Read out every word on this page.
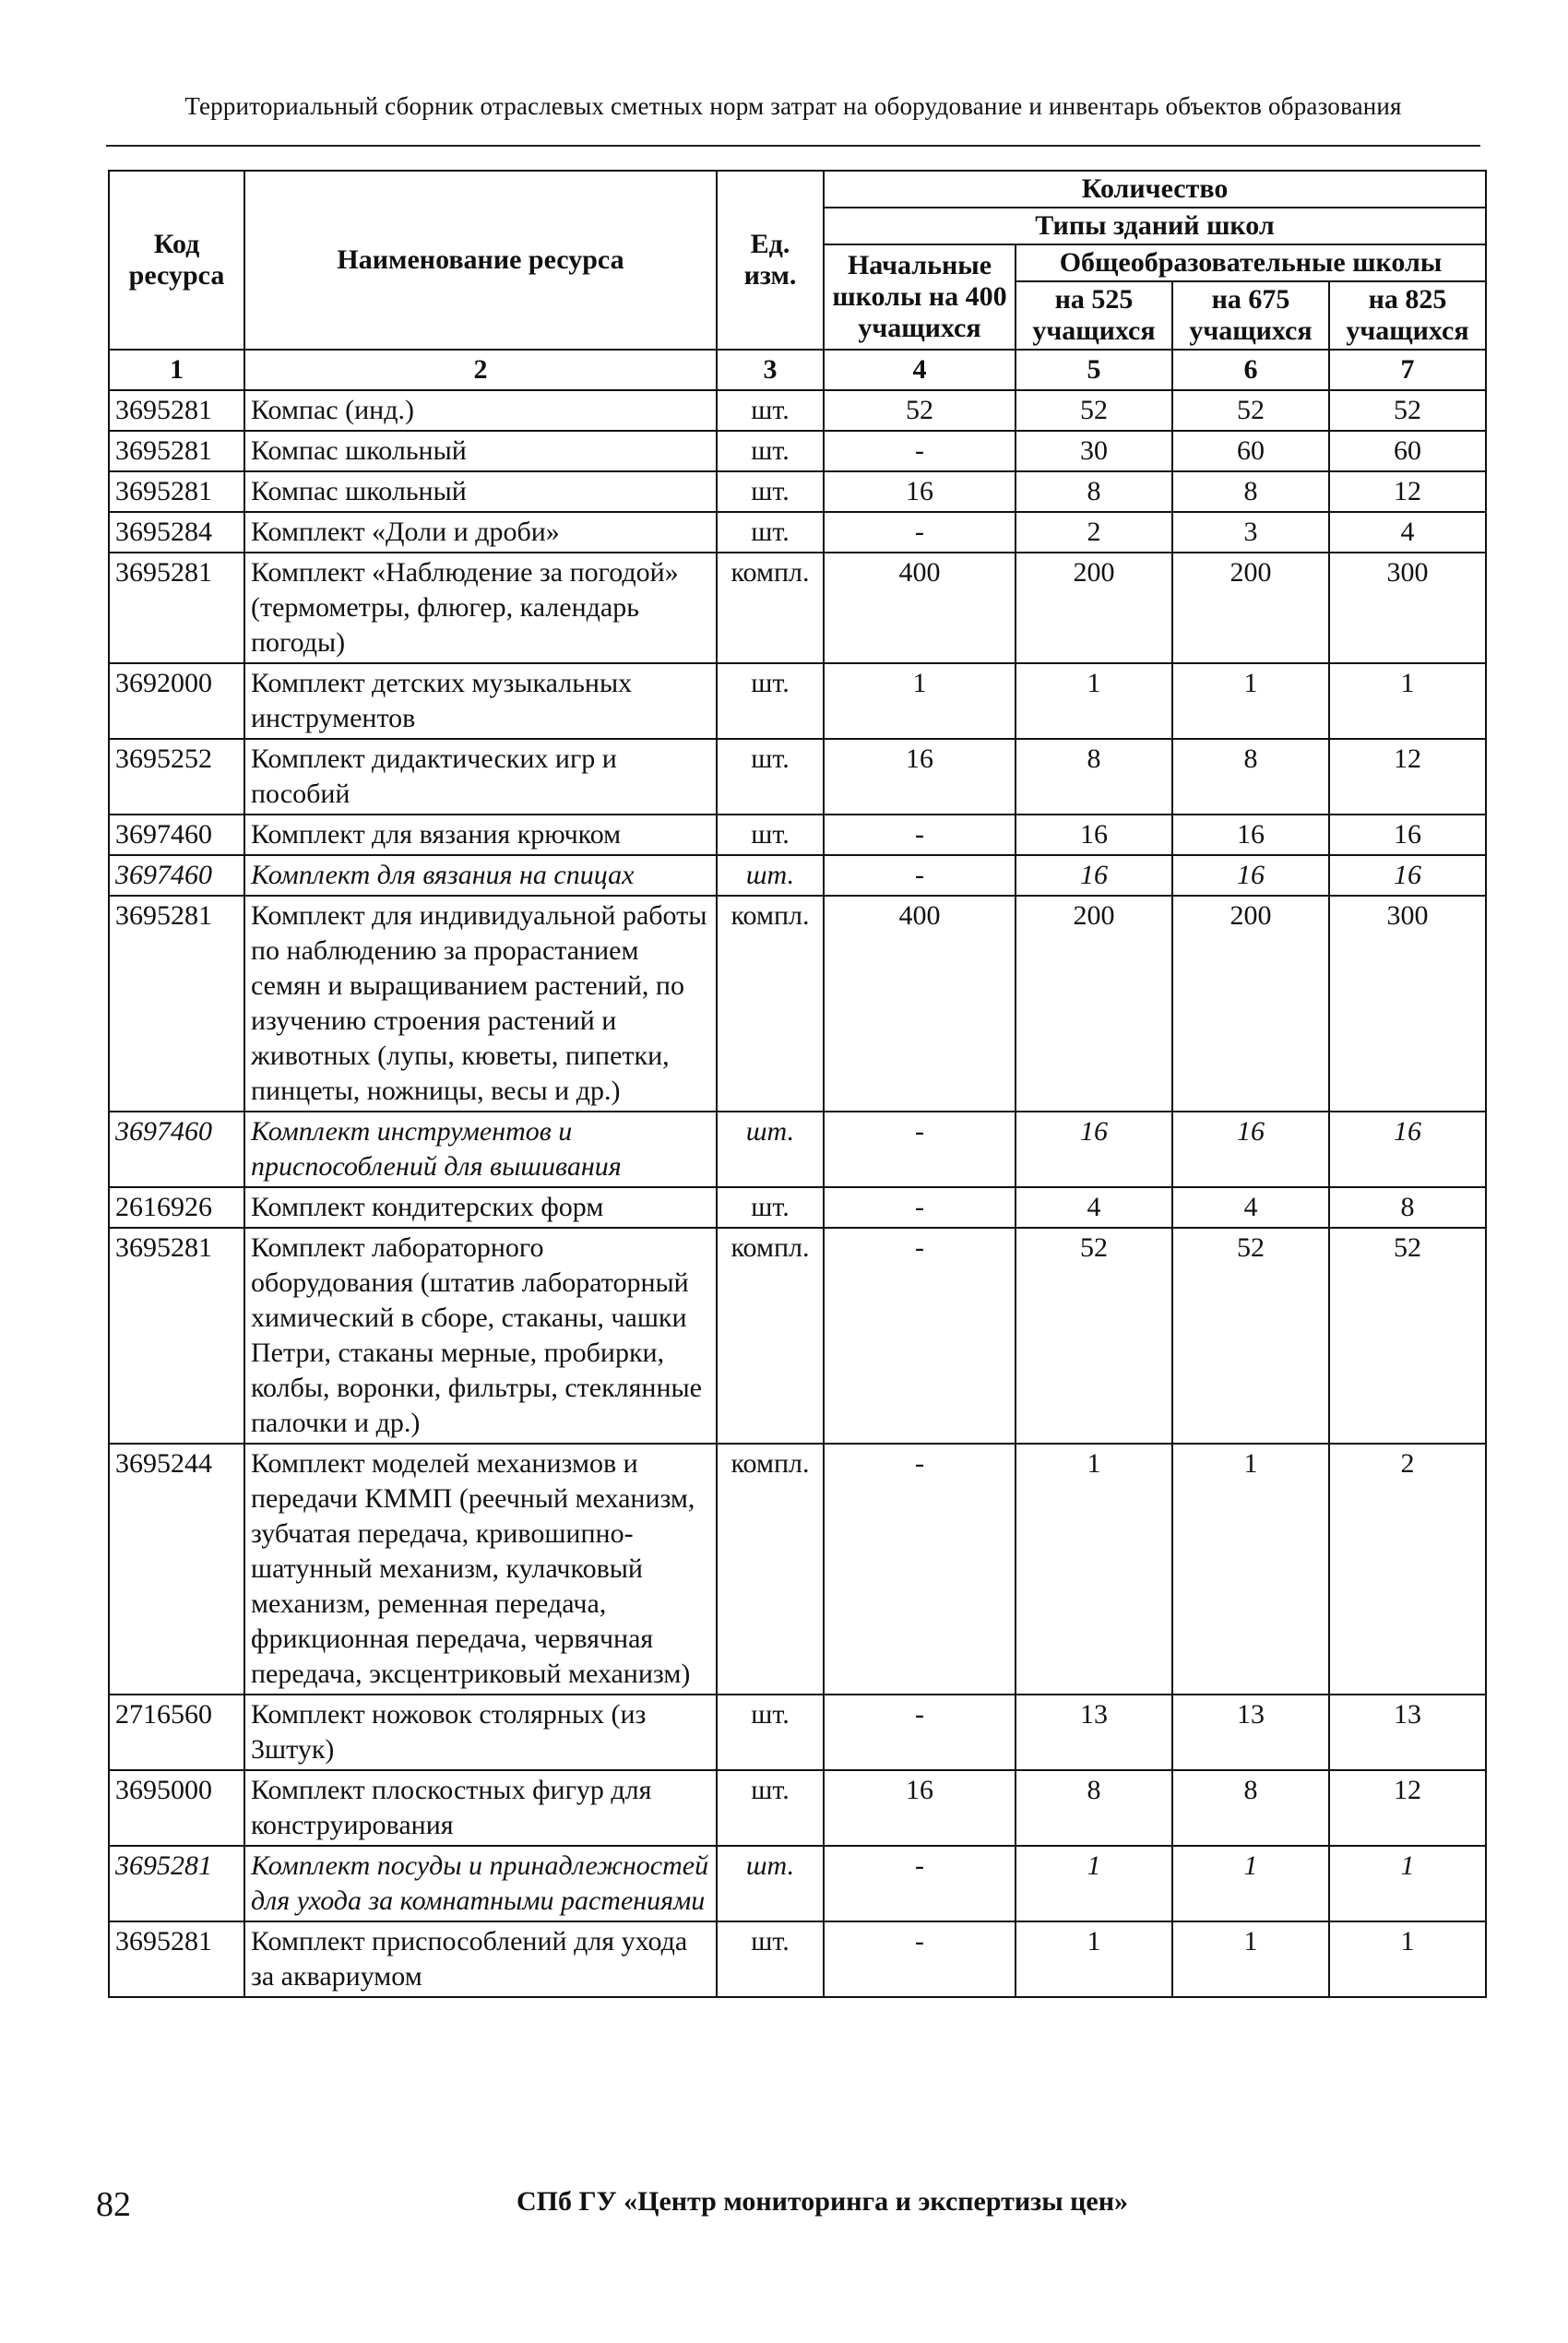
Территориальный сборник отраслевых сметных норм затрат на оборудование и инвентарь объектов образования
Код ресурса	Наименование ресурса	Ед. изм.	Количество			
			Типы зданий школ			
			Начальные школы на 400 учащихся	Общеобразовательные школы		
				на 525 учащихся	на 675 учащихся	на 825 учащихся
1	2	3	4	5	6	7
3695281	Компас (инд.)	шт.	52	52	52	52
3695281	Компас школьный	шт.	-	30	60	60
3695281	Компас школьный	шт.	16	8	8	12
3695284	Комплект «Доли и дроби»	шт.	-	2	3	4
3695281	Комплект «Наблюдение за погодой» (термометры, флюгер, календарь погоды)	компл.	400	200	200	300
3692000	Комплект детских музыкальных инструментов	шт.	1	1	1	1
3695252	Комплект дидактических игр и пособий	шт.	16	8	8	12
3697460	Комплект для вязания крючком	шт.	-	16	16	16
3697460	Комплект для вязания на спицах	шт.	-	16	16	16
3695281	Комплект для индивидуальной работы по наблюдению за прорастанием семян и выращиванием растений, по изучению строения растений и животных (лупы, кюветы, пипетки, пинцеты, ножницы, весы и др.)	компл.	400	200	200	300
3697460	Комплект инструментов и приспособлений для вышивания	шт.	-	16	16	16
2616926	Комплект кондитерских форм	шт.	-	4	4	8
3695281	Комплект лабораторного оборудования (штатив лабораторный химический в сборе, стаканы, чашки Петри, стаканы мерные, пробирки, колбы, воронки, фильтры, стеклянные палочки и др.)	компл.	-	52	52	52
3695244	Комплект моделей механизмов и передачи КММП (реечный механизм, зубчатая передача, кривошипно-шатунный механизм, кулачковый механизм, ременная передача, фрикционная передача, червячная передача, эксцентриковый механизм)	компл.	-	1	1	2
2716560	Комплект ножовок столярных (из 3штук)	шт.	-	13	13	13
3695000	Комплект плоскостных фигур для конструирования	шт.	16	8	8	12
3695281	Комплект посуды и принадлежностей для ухода за комнатными растениями	шт.	-	1	1	1
3695281	Комплект приспособлений для ухода за аквариумом	шт.	-	1	1	1
82	СПб ГУ «Центр мониторинга и экспертизы цен»
